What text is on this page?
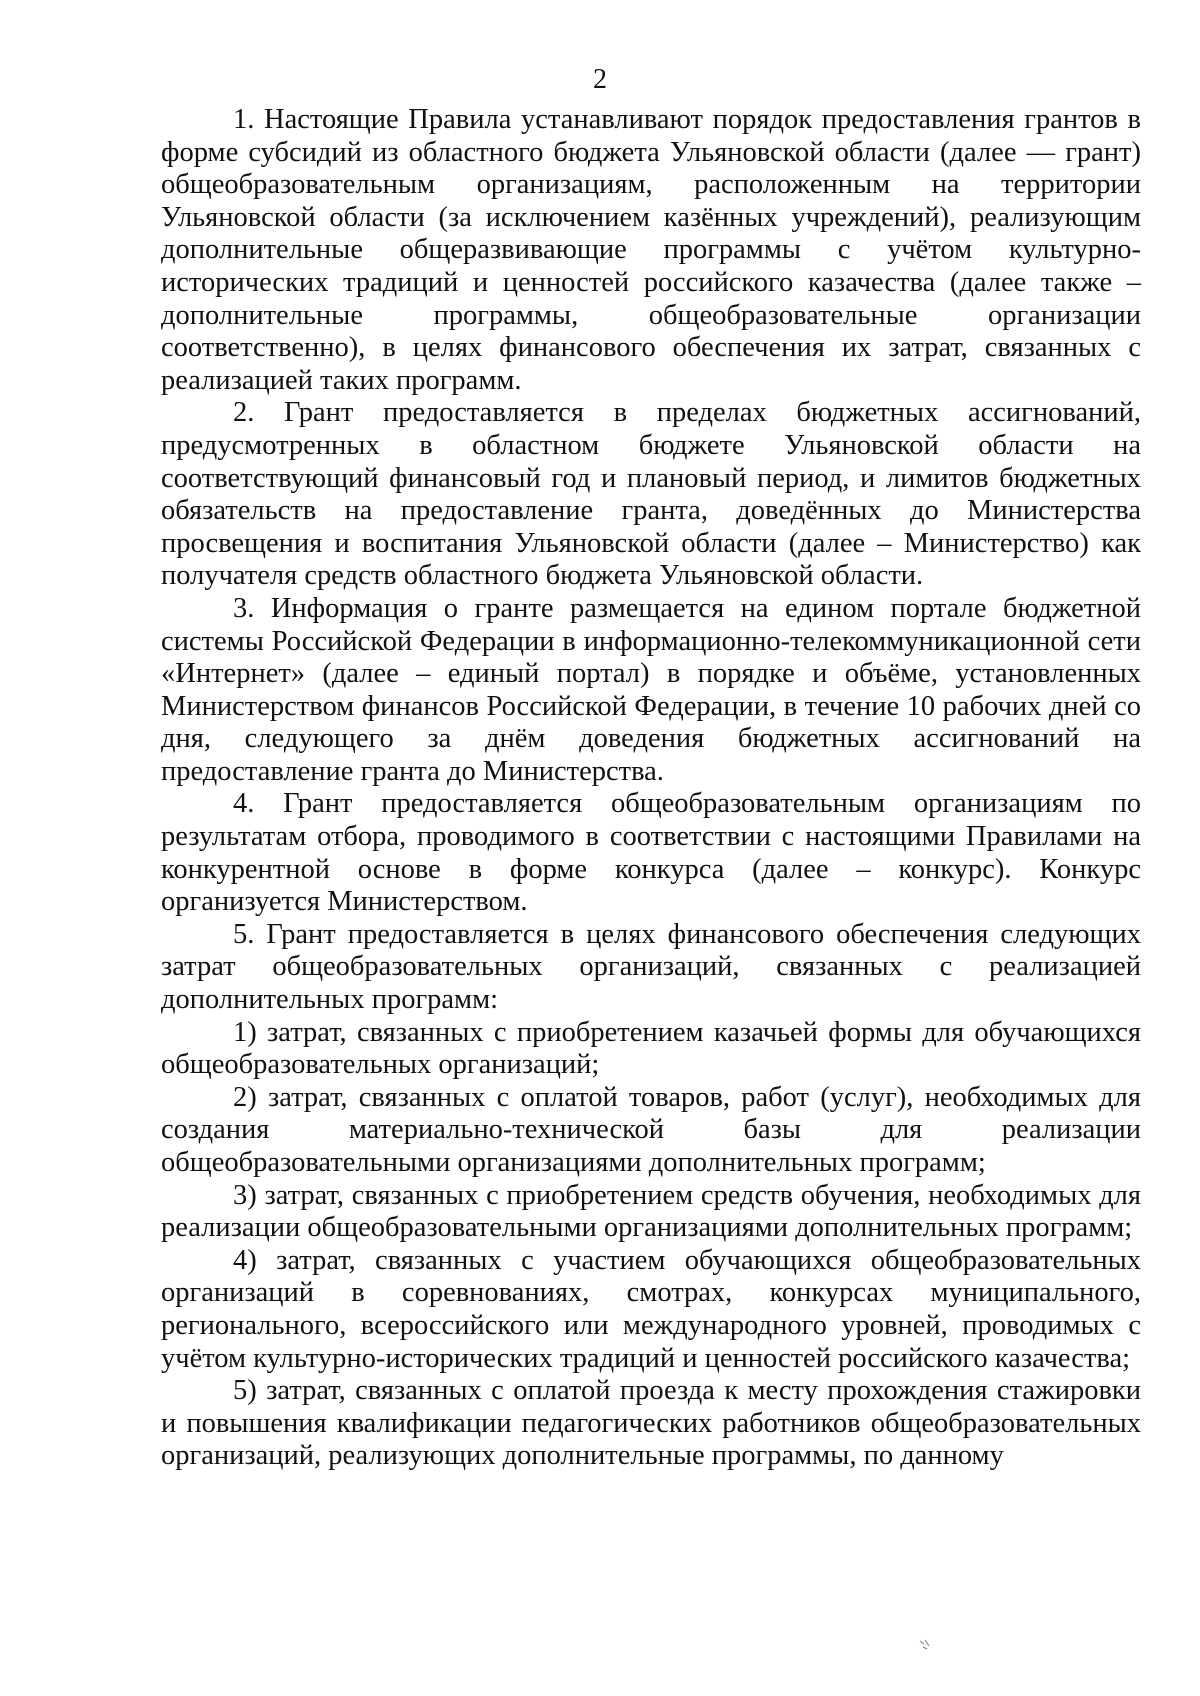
2

1. Настоящие Правила устанавливают порядок предоставления грантов в форме субсидий из областного бюджета Ульяновской области (далее — грант) общеобразовательным организациям, расположенным на территории Ульяновской области (за исключением казённых учреждений), реализующим дополнительные общеразвивающие программы с учётом культурно-исторических традиций и ценностей российского казачества (далее также – дополнительные программы, общеобразовательные организации соответственно), в целях финансового обеспечения их затрат, связанных с реализацией таких программ.

2. Грант предоставляется в пределах бюджетных ассигнований, предусмотренных в областном бюджете Ульяновской области на соответствующий финансовый год и плановый период, и лимитов бюджетных обязательств на предоставление гранта, доведённых до Министерства просвещения и воспитания Ульяновской области (далее – Министерство) как получателя средств областного бюджета Ульяновской области.

3. Информация о гранте размещается на едином портале бюджетной системы Российской Федерации в информационно-телекоммуникационной сети «Интернет» (далее – единый портал) в порядке и объёме, установленных Министерством финансов Российской Федерации, в течение 10 рабочих дней со дня, следующего за днём доведения бюджетных ассигнований на предоставление гранта до Министерства.

4. Грант предоставляется общеобразовательным организациям по результатам отбора, проводимого в соответствии с настоящими Правилами на конкурентной основе в форме конкурса (далее – конкурс). Конкурс организуется Министерством.

5. Грант предоставляется в целях финансового обеспечения следующих затрат общеобразовательных организаций, связанных с реализацией дополнительных программ:

1) затрат, связанных с приобретением казачьей формы для обучающихся общеобразовательных организаций;

2) затрат, связанных с оплатой товаров, работ (услуг), необходимых для создания материально-технической базы для реализации общеобразовательными организациями дополнительных программ;

3) затрат, связанных с приобретением средств обучения, необходимых для реализации общеобразовательными организациями дополнительных программ;

4) затрат, связанных с участием обучающихся общеобразовательных организаций в соревнованиях, смотрах, конкурсах муниципального, регионального, всероссийского или международного уровней, проводимых с учётом культурно-исторических традиций и ценностей российского казачества;

5) затрат, связанных с оплатой проезда к месту прохождения стажировки и повышения квалификации педагогических работников общеобразовательных организаций, реализующих дополнительные программы, по данному
